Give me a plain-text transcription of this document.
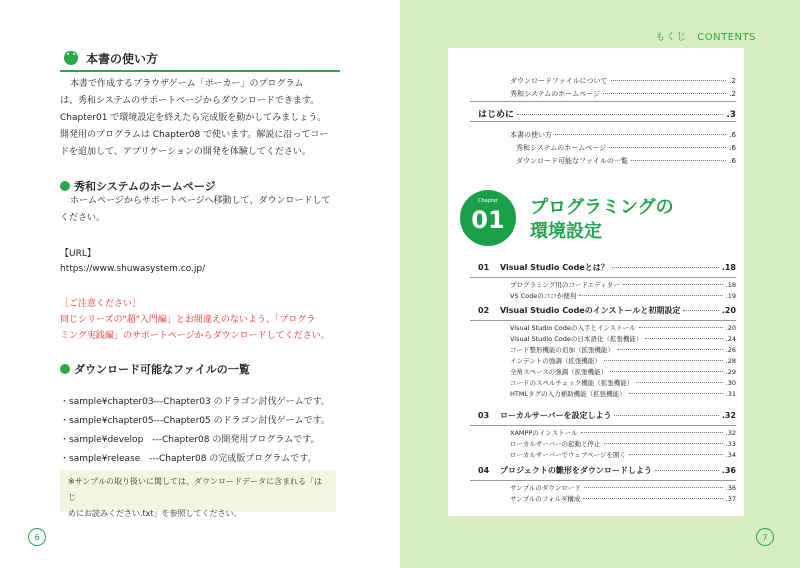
本書の使い方
本書で作成するブラウザゲーム「ポーカー」のプログラム
は、秀和システムのサポートページからダウンロードできます。
Chapter01 で環境設定を終えたら完成版を動かしてみましょう。
開発用のプログラムは Chapter08 で使います。解説に沿ってコー
ドを追加して、アプリケーションの開発を体験してください。
秀和システムのホームページ
ホームページからサポートページへ移動して、ダウンロードして
ください。
【URL】
https://www.shuwasystem.co.jp/
［ご注意ください］
同じシリーズの"超"入門編」とお間違えのないよう、「プログラ
ミング実践編」のサポートページからダウンロードしてください。
ダウンロード可能なファイルの一覧
・sample¥chapter03---Chapter03 のドラゴン討伐ゲームです。
・sample¥chapter05---Chapter05 のドラゴン討伐ゲームです。
・sample¥develop　---Chapter08 の開発用プログラムです。
・sample¥release　---Chapter08 の完成版プログラムです。
※サンプルの取り扱いに関しては、ダウンロードデータに含まれる「はじ
めにお読みください.txt」を参照してください。
6
もくじ　CONTENTS
7
ダウンロードファイルについて	.2
秀和システムのホームページ	.2
はじめに	.3
本書の使い方	.6
秀和システムのホームページ	.6
ダウンロード可能なファイルの一覧	.6
01	Visual Studio Codeとは？	.18
プログラミング用のコードエディター	.18
VS Codeのココが便利	.19
02	Visual Studio Codeのインストールと初期設定	.20
Visual Studio Codeの入手とインストール	.20
Visual Studio Codeの日本語化（拡張機能）	.24
コード整形機能の追加（拡張機能）	.26
インデントの強調（拡張機能）	.28
全角スペースの強調（拡張機能）	.29
コードのスペルチェック機能（拡張機能）	.30
HTMLタグの入力補助機能（拡張機能）	.31
03	ローカルサーバーを設定しよう	.32
XAMPPのインストール	.32
ローカルサーバーの起動と停止	.33
ローカルサーバーでウェブページを開く	.34
04	プロジェクトの雛形をダウンロードしよう	.36
サンプルのダウンロード	.36
サンプルのフォルダ構成	.37
Chapter
01	プログラミングの
環境設定
